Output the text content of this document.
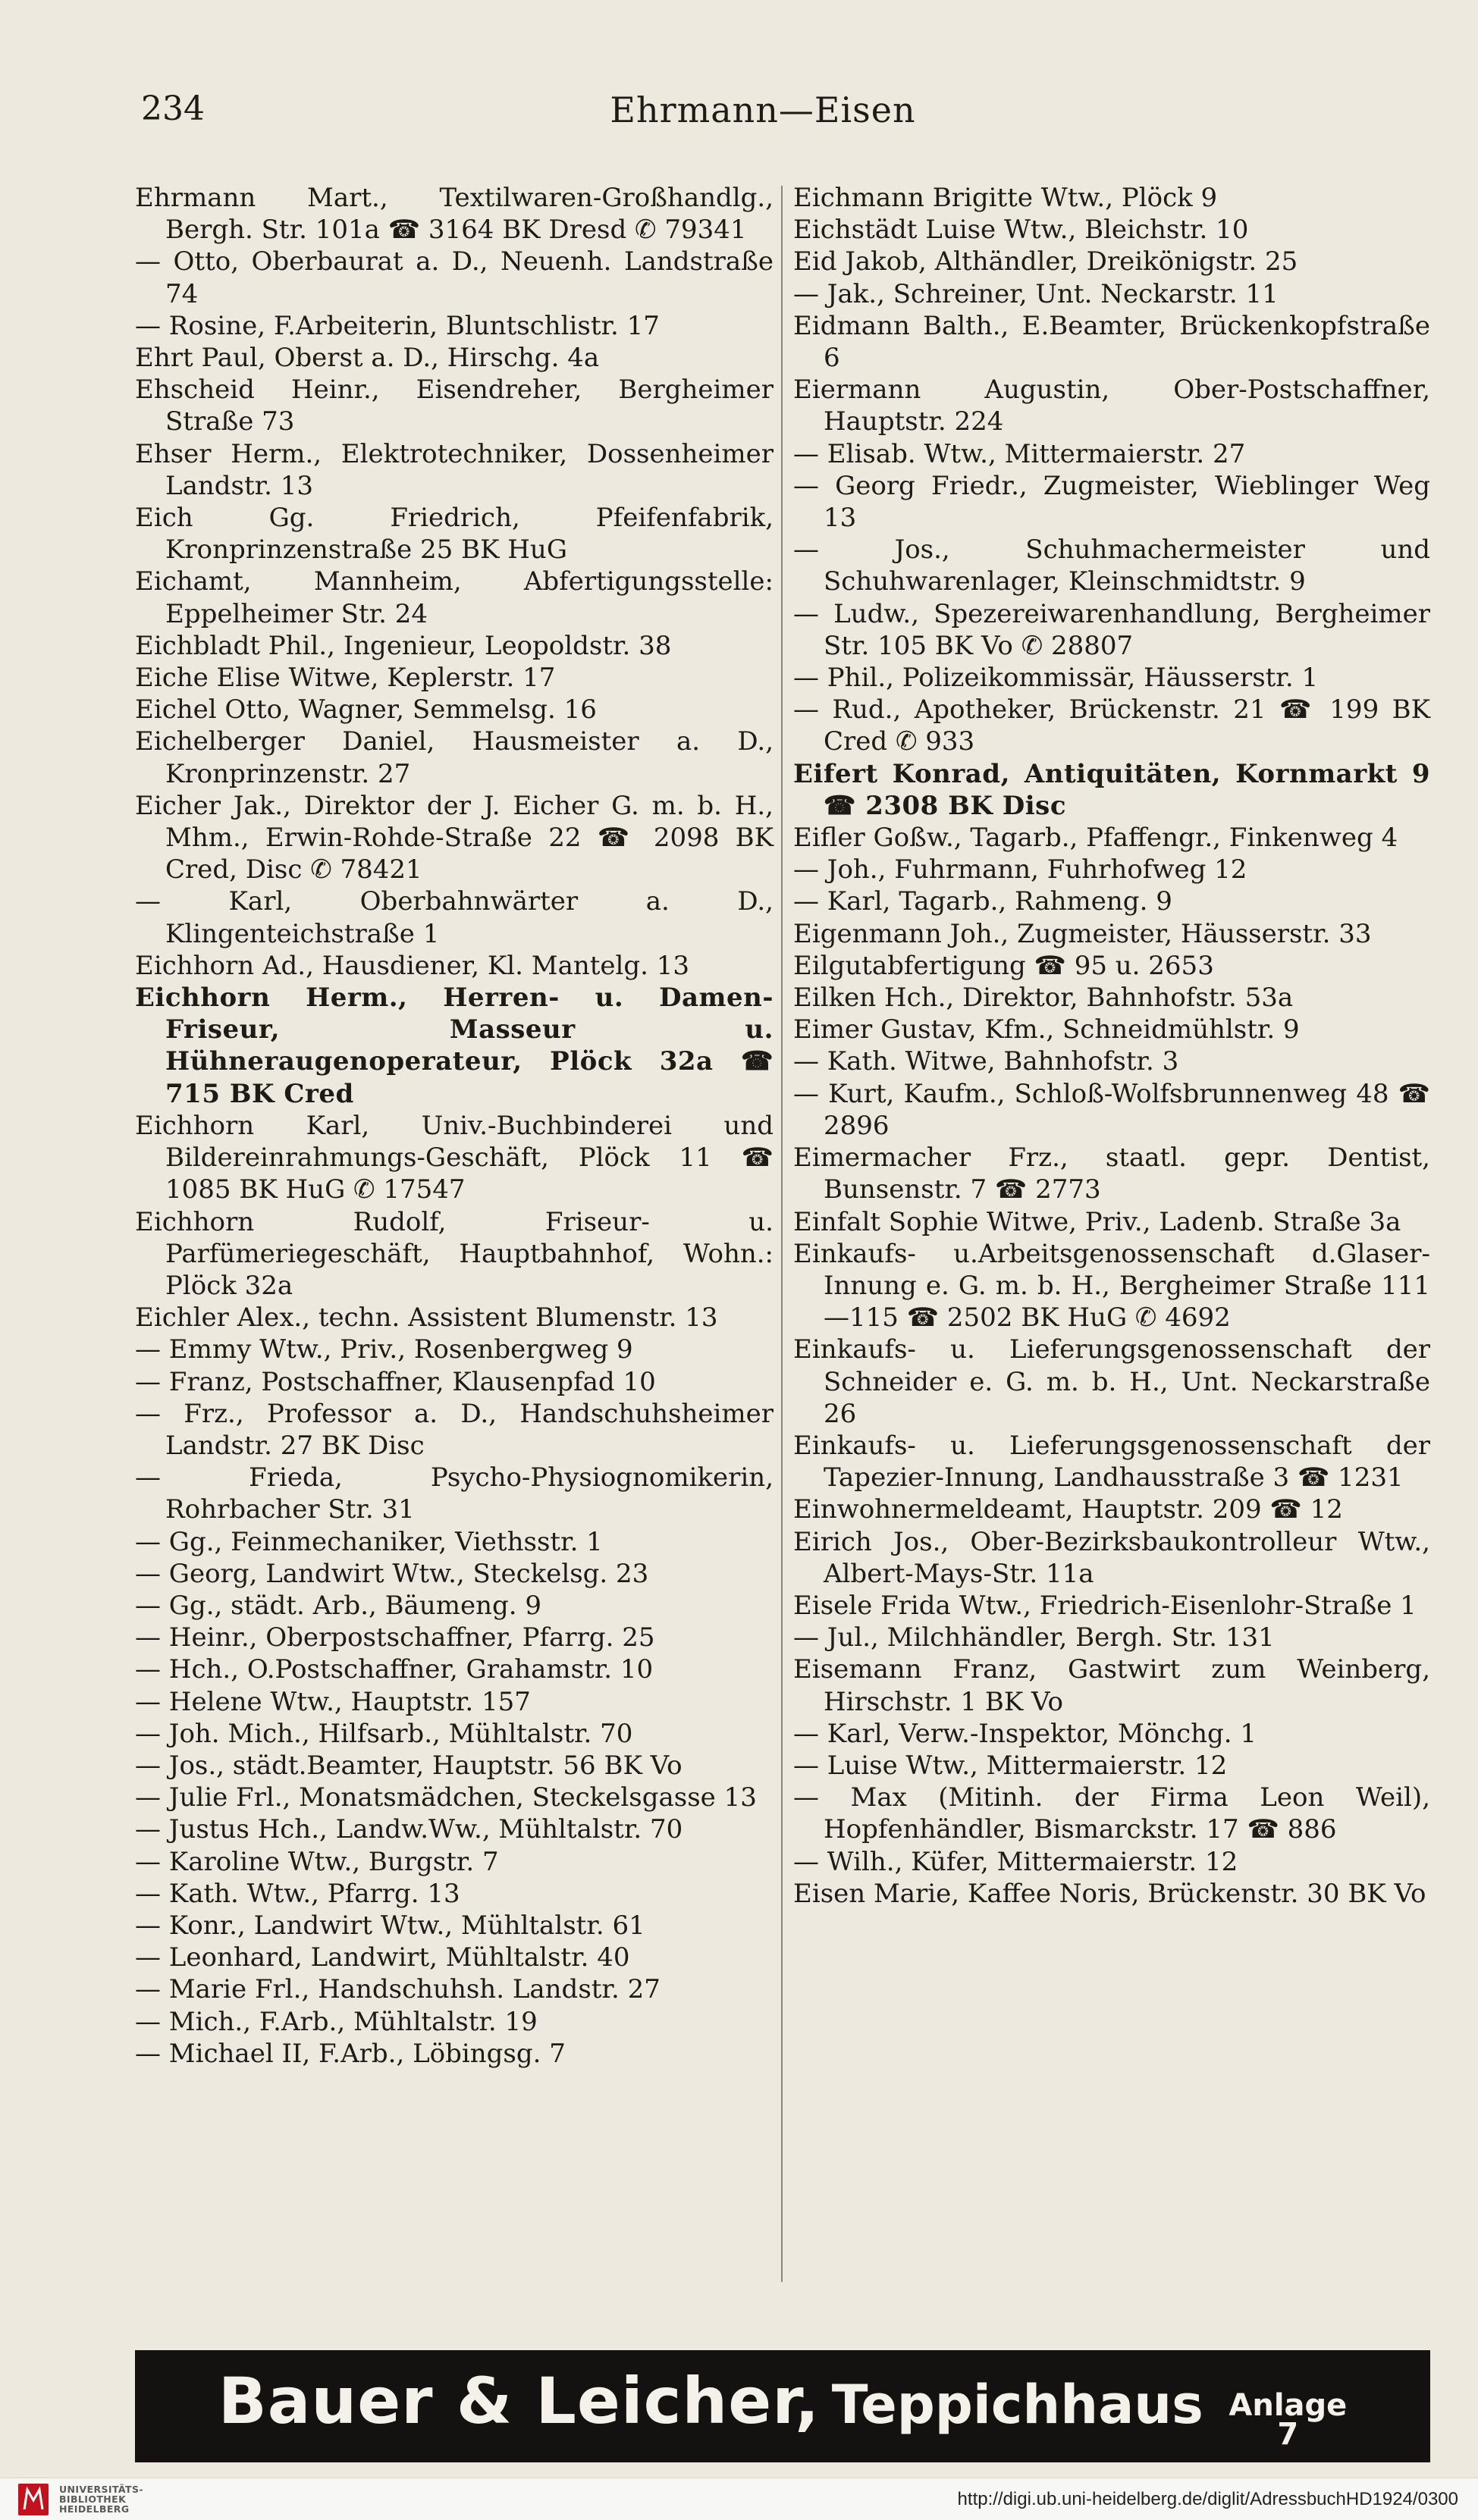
234	Ehrmann—Eisen

Ehrmann Mart., Textilwaren-Großhandlg., Bergh. Str. 101a ☎ 3164 BK Dresd ✆ 79341

— Otto, Oberbaurat a. D., Neuenh. Landstraße 74

— Rosine, F.Arbeiterin, Bluntschlistr. 17

Ehrt Paul, Oberst a. D., Hirschg. 4a

Ehscheid Heinr., Eisendreher, Bergheimer Straße 73

Ehser Herm., Elektrotechniker, Dossenheimer Landstr. 13

Eich Gg. Friedrich, Pfeifenfabrik, Kronprinzenstraße 25 BK HuG

Eichamt, Mannheim, Abfertigungsstelle: Eppelheimer Str. 24

Eichbladt Phil., Ingenieur, Leopoldstr. 38

Eiche Elise Witwe, Keplerstr. 17

Eichel Otto, Wagner, Semmelsg. 16

Eichelberger Daniel, Hausmeister a. D., Kronprinzenstr. 27

Eicher Jak., Direktor der J. Eicher G. m. b. H., Mhm., Erwin-Rohde-Straße 22 ☎ 2098 BK Cred, Disc ✆ 78421

— Karl, Oberbahnwärter a. D., Klingenteichstraße 1

Eichhorn Ad., Hausdiener, Kl. Mantelg. 13

Eichhorn Herm., Herren- u. Damen-Friseur, Masseur u. Hühneraugenoperateur, Plöck 32a ☎ 715 BK Cred

Eichhorn Karl, Univ.-Buchbinderei und Bildereinrahmungs-Geschäft, Plöck 11 ☎ 1085 BK HuG ✆ 17547

Eichhorn Rudolf, Friseur- u. Parfümeriegeschäft, Hauptbahnhof, Wohn.: Plöck 32a

Eichler Alex., techn. Assistent Blumenstr. 13

— Emmy Wtw., Priv., Rosenbergweg 9

— Franz, Postschaffner, Klausenpfad 10

— Frz., Professor a. D., Handschuhsheimer Landstr. 27 BK Disc

— Frieda, Psycho-Physiognomikerin, Rohrbacher Str. 31

— Gg., Feinmechaniker, Viethsstr. 1

— Georg, Landwirt Wtw., Steckelsg. 23

— Gg., städt. Arb., Bäumeng. 9

— Heinr., Oberpostschaffner, Pfarrg. 25

— Hch., O.Postschaffner, Grahamstr. 10

— Helene Wtw., Hauptstr. 157

— Joh. Mich., Hilfsarb., Mühltalstr. 70

— Jos., städt.Beamter, Hauptstr. 56 BK Vo

— Julie Frl., Monatsmädchen, Steckelsgasse 13

— Justus Hch., Landw.Ww., Mühltalstr. 70

— Karoline Wtw., Burgstr. 7

— Kath. Wtw., Pfarrg. 13

— Konr., Landwirt Wtw., Mühltalstr. 61

— Leonhard, Landwirt, Mühltalstr. 40

— Marie Frl., Handschuhsh. Landstr. 27

— Mich., F.Arb., Mühltalstr. 19

— Michael II, F.Arb., Löbingsg. 7

Eichmann Brigitte Wtw., Plöck 9

Eichstädt Luise Wtw., Bleichstr. 10

Eid Jakob, Althändler, Dreikönigstr. 25

— Jak., Schreiner, Unt. Neckarstr. 11

Eidmann Balth., E.Beamter, Brückenkopfstraße 6

Eiermann Augustin, Ober-Postschaffner, Hauptstr. 224

— Elisab. Wtw., Mittermaierstr. 27

— Georg Friedr., Zugmeister, Wieblinger Weg 13

— Jos., Schuhmachermeister und Schuhwarenlager, Kleinschmidtstr. 9

— Ludw., Spezereiwarenhandlung, Bergheimer Str. 105 BK Vo ✆ 28807

— Phil., Polizeikommissär, Häusserstr. 1

— Rud., Apotheker, Brückenstr. 21 ☎ 199 BK Cred ✆ 933

Eifert Konrad, Antiquitäten, Kornmarkt 9 ☎ 2308 BK Disc

Eifler Goßw., Tagarb., Pfaffengr., Finkenweg 4

— Joh., Fuhrmann, Fuhrhofweg 12

— Karl, Tagarb., Rahmeng. 9

Eigenmann Joh., Zugmeister, Häusserstr. 33

Eilgutabfertigung ☎ 95 u. 2653

Eilken Hch., Direktor, Bahnhofstr. 53a

Eimer Gustav, Kfm., Schneidmühlstr. 9

— Kath. Witwe, Bahnhofstr. 3

— Kurt, Kaufm., Schloß-Wolfsbrunnenweg 48 ☎ 2896

Eimermacher Frz., staatl. gepr. Dentist, Bunsenstr. 7 ☎ 2773

Einfalt Sophie Witwe, Priv., Ladenb. Straße 3a

Einkaufs- u.Arbeitsgenossenschaft d.Glaser-Innung e. G. m. b. H., Bergheimer Straße 111—115 ☎ 2502 BK HuG ✆ 4692

Einkaufs- u. Lieferungsgenossenschaft der Schneider e. G. m. b. H., Unt. Neckarstraße 26

Einkaufs- u. Lieferungsgenossenschaft der Tapezier-Innung, Landhausstraße 3 ☎ 1231

Einwohnermeldeamt, Hauptstr. 209 ☎ 12

Eirich Jos., Ober-Bezirksbaukontrolleur Wtw., Albert-Mays-Str. 11a

Eisele Frida Wtw., Friedrich-Eisenlohr-Straße 1

— Jul., Milchhändler, Bergh. Str. 131

Eisemann Franz, Gastwirt zum Weinberg, Hirschstr. 1 BK Vo

— Karl, Verw.-Inspektor, Mönchg. 1

— Luise Wtw., Mittermaierstr. 12

— Max (Mitinh. der Firma Leon Weil), Hopfenhändler, Bismarckstr. 17 ☎ 886

— Wilh., Küfer, Mittermaierstr. 12

Eisen Marie, Kaffee Noris, Brückenstr. 30 BK Vo

Bauer & Leicher, Teppichhaus Anlage
7
UNIVERSITÄTS-
BIBLIOTHEK
HEIDELBERG	http://digi.ub.uni-heidelberg.de/diglit/AdressbuchHD1924/0300
